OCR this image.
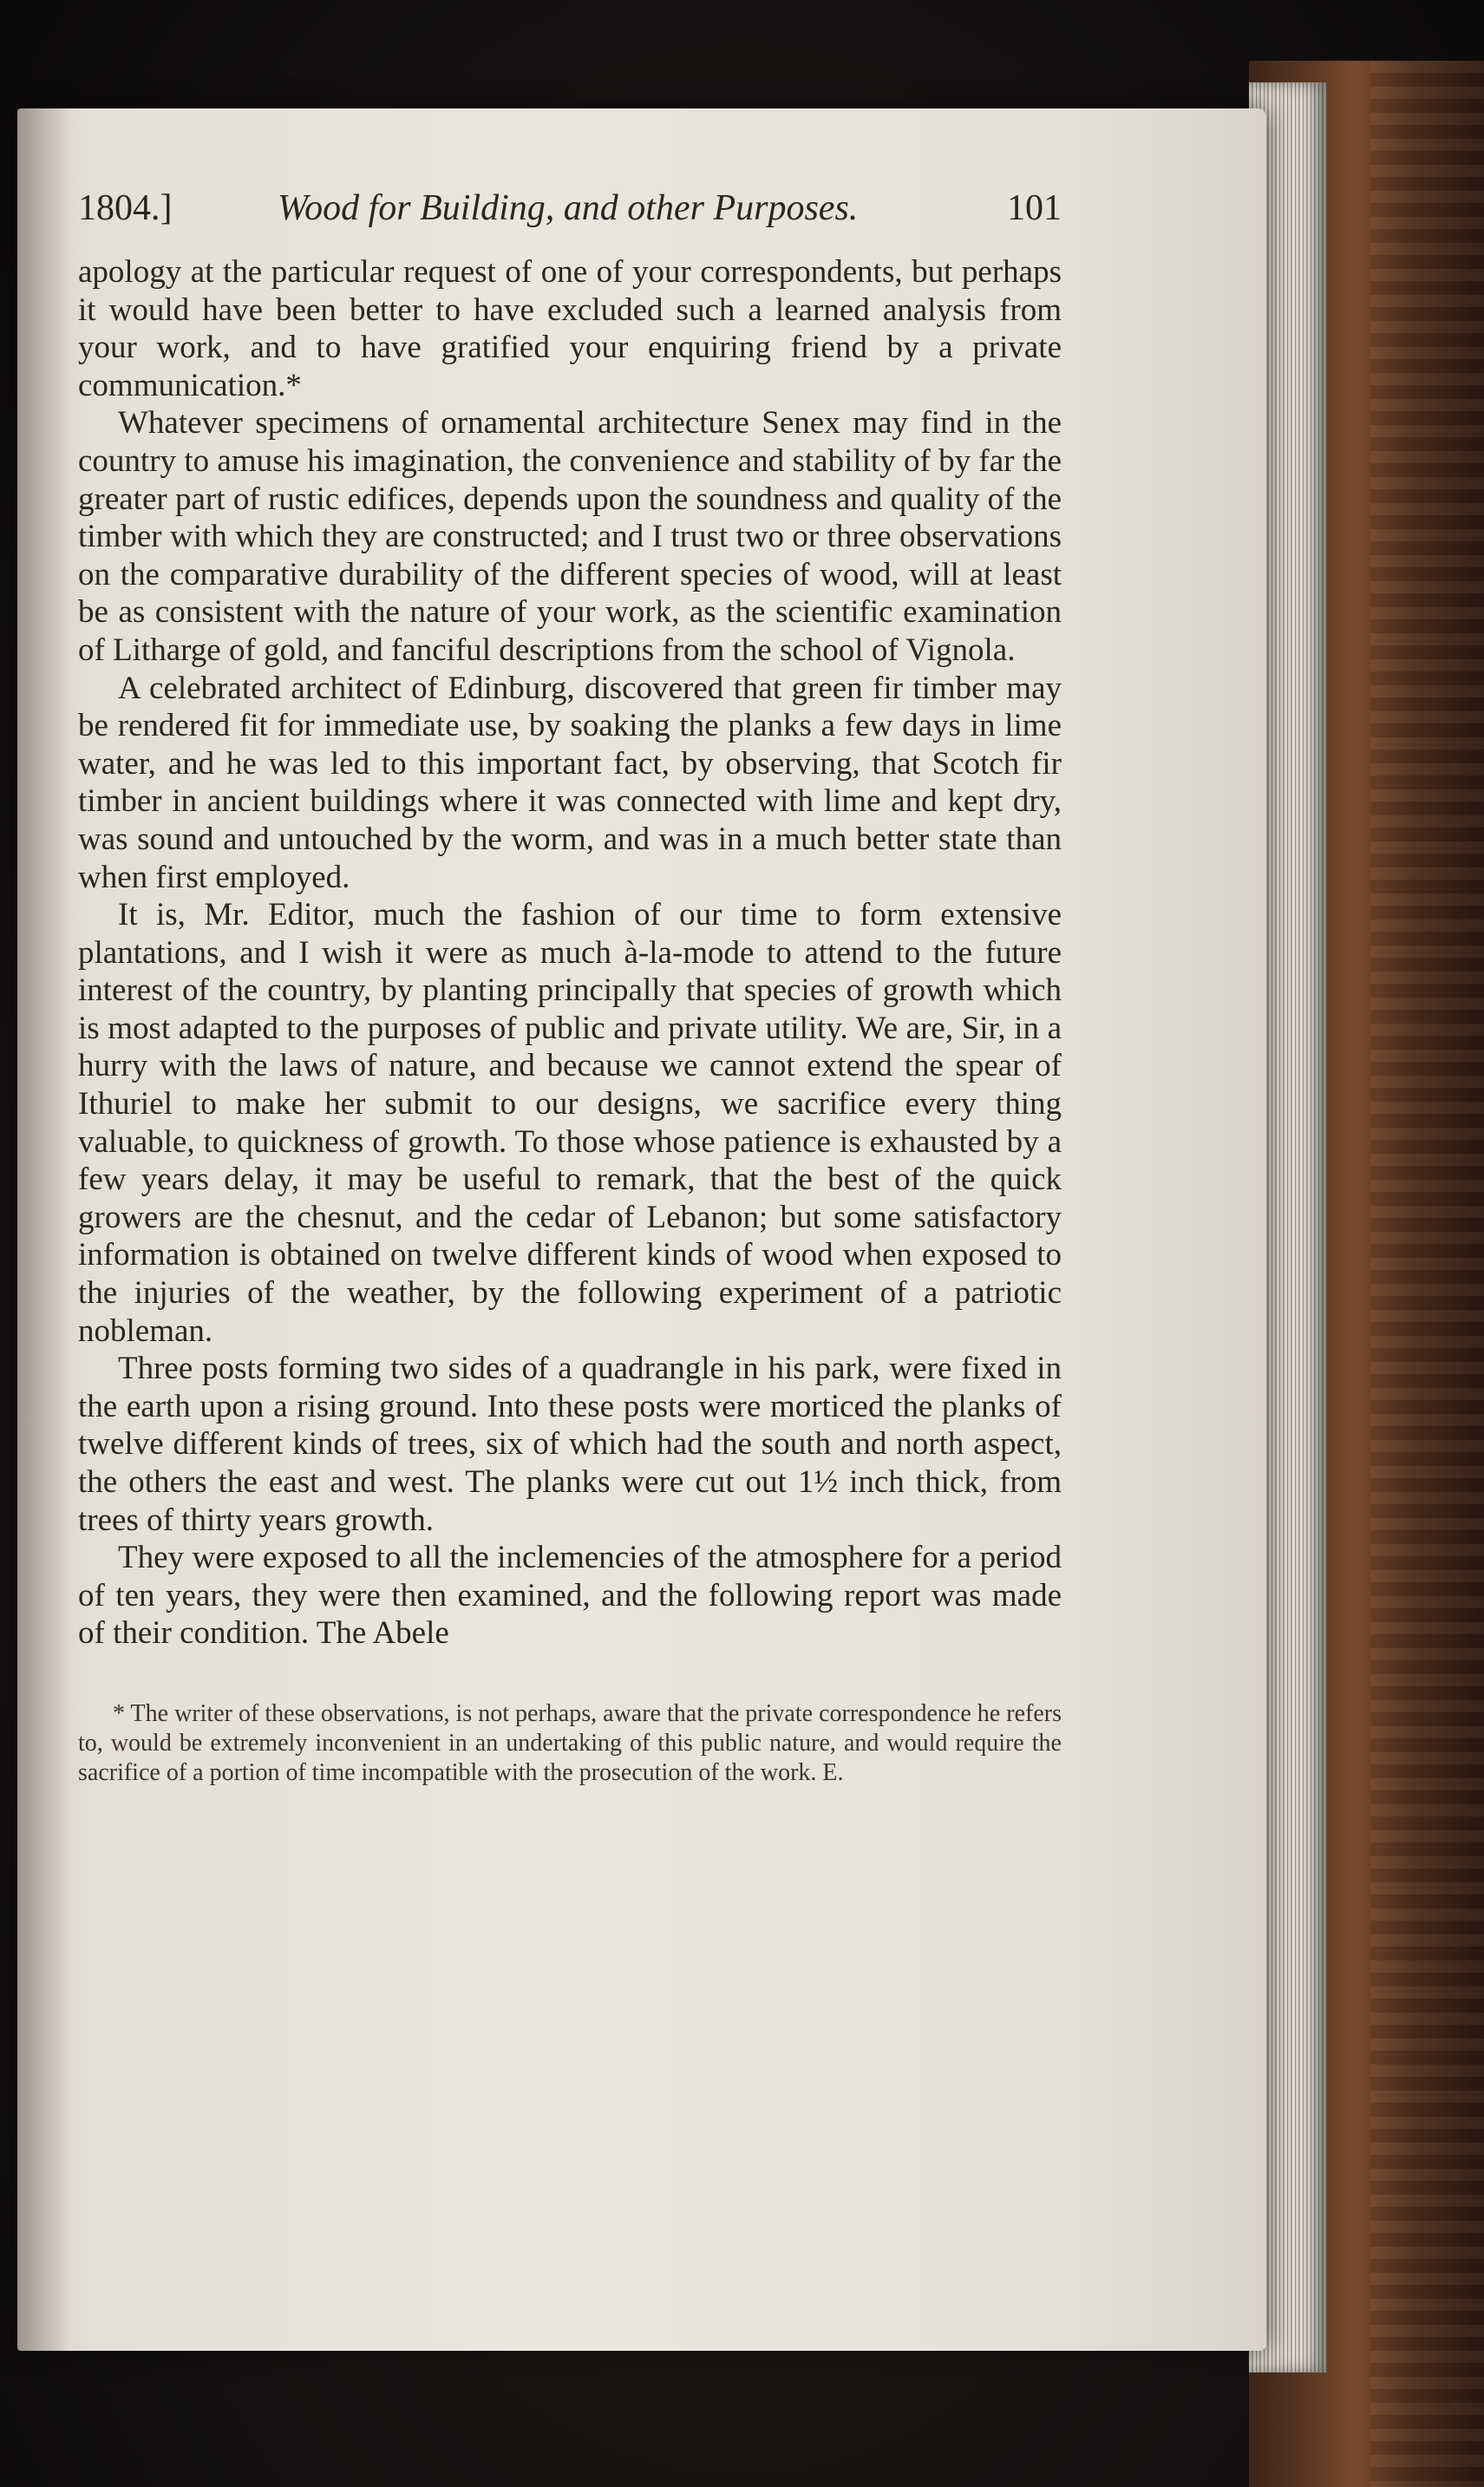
1804.]	Wood for Building, and other Purposes.	101

apology at the particular request of one of your correspondents, but perhaps it would have been better to have excluded such a learned analysis from your work, and to have gratified your enquiring friend by a private communication.*

Whatever specimens of ornamental architecture Senex may find in the country to amuse his imagination, the convenience and stability of by far the greater part of rustic edifices, depends upon the soundness and quality of the timber with which they are constructed; and I trust two or three observations on the comparative durability of the different species of wood, will at least be as consistent with the nature of your work, as the scientific examination of Litharge of gold, and fanciful descriptions from the school of Vignola.

A celebrated architect of Edinburg, discovered that green fir timber may be rendered fit for immediate use, by soaking the planks a few days in lime water, and he was led to this important fact, by observing, that Scotch fir timber in ancient buildings where it was connected with lime and kept dry, was sound and untouched by the worm, and was in a much better state than when first employed.

It is, Mr. Editor, much the fashion of our time to form extensive plantations, and I wish it were as much à-la-mode to attend to the future interest of the country, by planting principally that species of growth which is most adapted to the purposes of public and private utility. We are, Sir, in a hurry with the laws of nature, and because we cannot extend the spear of Ithuriel to make her submit to our designs, we sacrifice every thing valuable, to quickness of growth. To those whose patience is exhausted by a few years delay, it may be useful to remark, that the best of the quick growers are the chesnut, and the cedar of Lebanon; but some satisfactory information is obtained on twelve different kinds of wood when exposed to the injuries of the weather, by the following experiment of a patriotic nobleman.

Three posts forming two sides of a quadrangle in his park, were fixed in the earth upon a rising ground. Into these posts were morticed the planks of twelve different kinds of trees, six of which had the south and north aspect, the others the east and west. The planks were cut out 1½ inch thick, from trees of thirty years growth.

They were exposed to all the inclemencies of the atmosphere for a period of ten years, they were then examined, and the following report was made of their condition. The Abele

* The writer of these observations, is not perhaps, aware that the private correspondence he refers to, would be extremely inconvenient in an undertaking of this public nature, and would require the sacrifice of a portion of time incompatible with the prosecution of the work. E.
